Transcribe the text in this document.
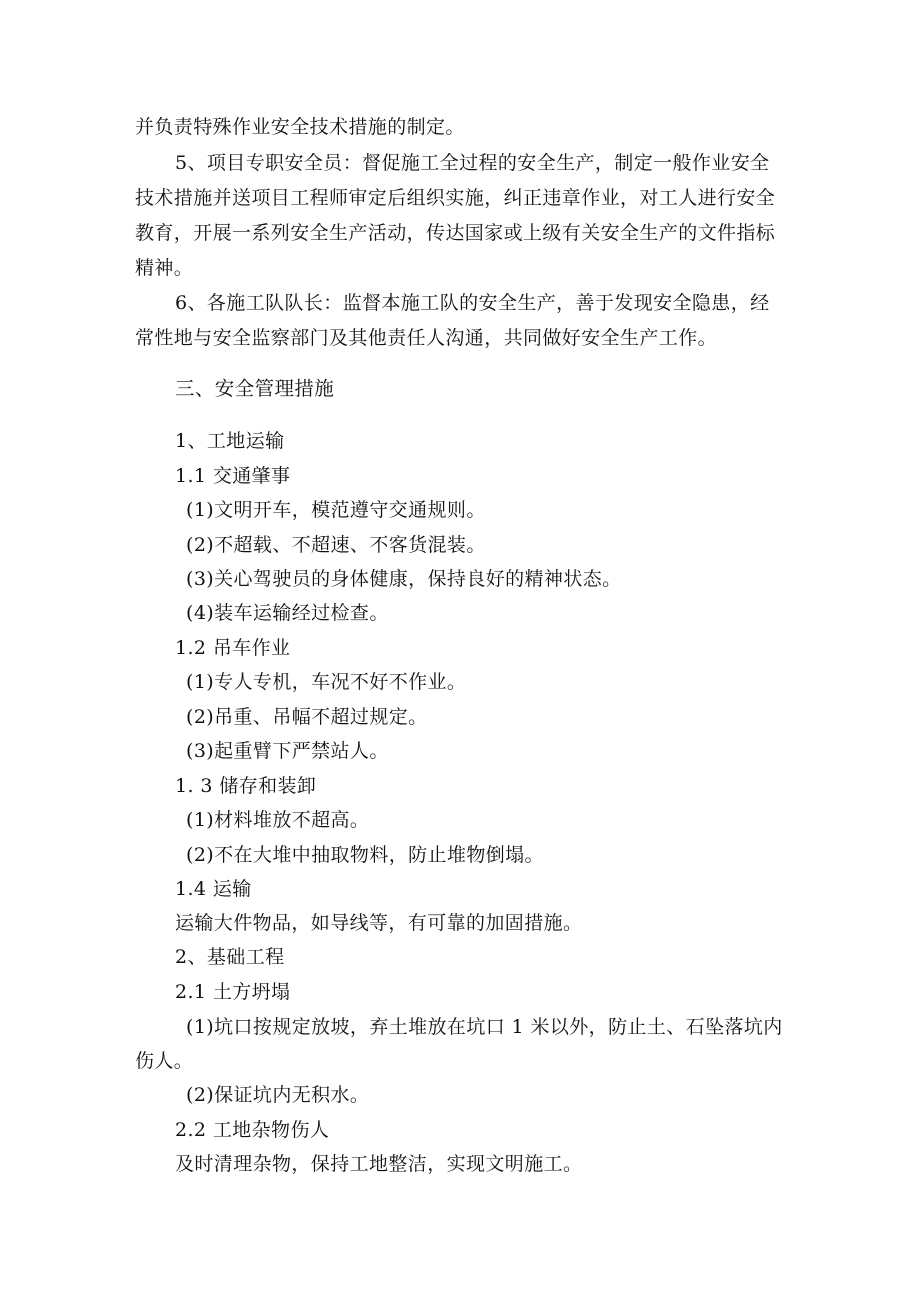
并负责特殊作业安全技术措施的制定。
5、项目专职安全员：督促施工全过程的安全生产，制定一般作业安全
技术措施并送项目工程师审定后组织实施，纠正违章作业，对工人进行安全
教育，开展一系列安全生产活动，传达国家或上级有关安全生产的文件指标
精神。
6、各施工队队长：监督本施工队的安全生产，善于发现安全隐患，经
常性地与安全监察部门及其他责任人沟通，共同做好安全生产工作。
三、安全管理措施
1、工地运输
1.1 交通肇事
(1)文明开车，模范遵守交通规则。
(2)不超载、不超速、不客货混装。
(3)关心驾驶员的身体健康，保持良好的精神状态。
(4)装车运输经过检查。
1.2 吊车作业
(1)专人专机，车况不好不作业。
(2)吊重、吊幅不超过规定。
(3)起重臂下严禁站人。
1. 3 储存和装卸
(1)材料堆放不超高。
(2)不在大堆中抽取物料，防止堆物倒塌。
1.4 运输
运输大件物品，如导线等，有可靠的加固措施。
2、基础工程
2.1 土方坍塌
(1)坑口按规定放坡，弃土堆放在坑口 1 米以外，防止土、石坠落坑内
伤人。
(2)保证坑内无积水。
2.2 工地杂物伤人
及时清理杂物，保持工地整洁，实现文明施工。
